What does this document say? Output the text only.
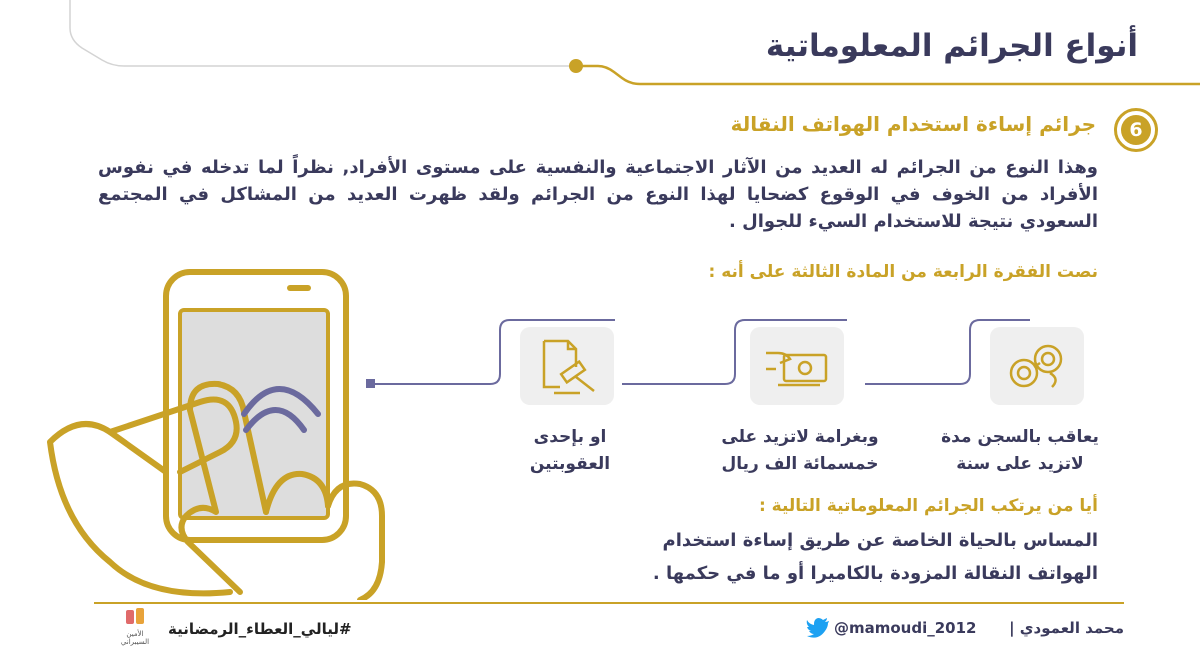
أنواع الجرائم المعلوماتية
6
جرائم إساءة استخدام الهواتف النقالة
وهذا النوع من الجرائم له العديد من الآثار الاجتماعية والنفسية على مستوى الأفراد, نظراً لما تدخله في نفوس الأفراد من الخوف في الوقوع كضحايا لهذا النوع من الجرائم ولقد ظهرت العديد من المشاكل في المجتمع السعودي نتيجة للاستخدام السيء للجوال .
نصت الفقرة الرابعة من المادة الثالثة على أنه :
يعاقب بالسجن مدة
لاتزيد على سنة
وبغرامة لاتزيد على
خمسمائة الف ريال
او بإحدى
العقوبتين
أيا من يرتكب الجرائم المعلوماتية التالية :
المساس بالحياة الخاصة عن طريق إساءة استخدام
الهواتف النقالة المزودة بالكاميرا أو ما في حكمها .
محمد العمودي |
@mamoudi_2012
#ليالي_العطاء_الرمضانية
الأمين
السيبراني
